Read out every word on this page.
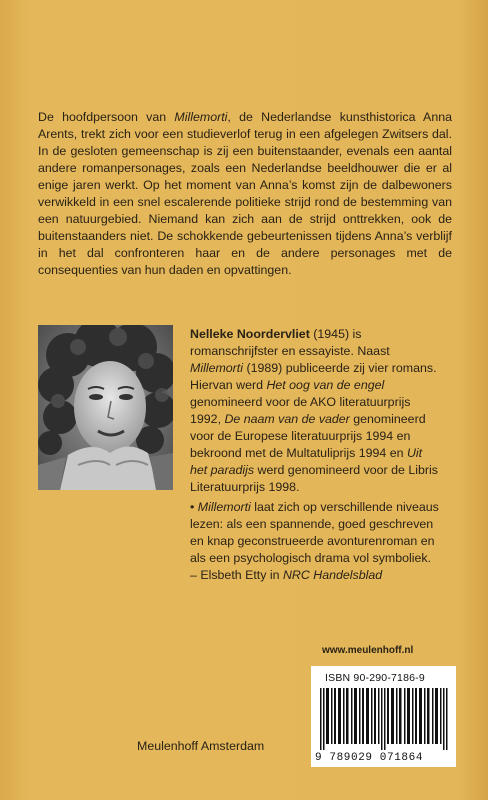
De hoofdpersoon van Millemorti, de Nederlandse kunsthistorica Anna Arents, trekt zich voor een studieverlof terug in een afgelegen Zwitsers dal. In de gesloten gemeenschap is zij een buitenstaander, evenals een aantal andere romanpersonages, zoals een Nederlandse beeldhouwer die er al enige jaren werkt. Op het moment van Anna’s komst zijn de dalbewoners verwikkeld in een snel escalerende politieke strijd rond de bestemming van een natuurgebied. Niemand kan zich aan de strijd onttrekken, ook de buitenstaanders niet. De schokkende gebeurtenissen tijdens Anna’s verblijf in het dal confronteren haar en de andere personages met de consequenties van hun daden en opvattingen.

Nelleke Noordervliet (1945) is romanschrijfster en essayiste. Naast Millemorti (1989) publiceerde zij vier romans. Hiervan werd Het oog van de engel genomineerd voor de AKO literatuurprijs 1992, De naam van de vader genomineerd voor de Europese literatuurprijs 1994 en bekroond met de Multatuliprijs 1994 en Uit het paradijs werd genomineerd voor de Libris Literatuurprijs 1998.

• Millemorti laat zich op verschillende niveaus lezen: als een spannende, goed geschreven en knap geconstrueerde avonturenroman en als een psychologisch drama vol symboliek.
– Elsbeth Etty in NRC Handelsblad

www.meulenhoff.nl
ISBN 90-290-7186-9
9 789029 071864
Meulenhoff Amsterdam
